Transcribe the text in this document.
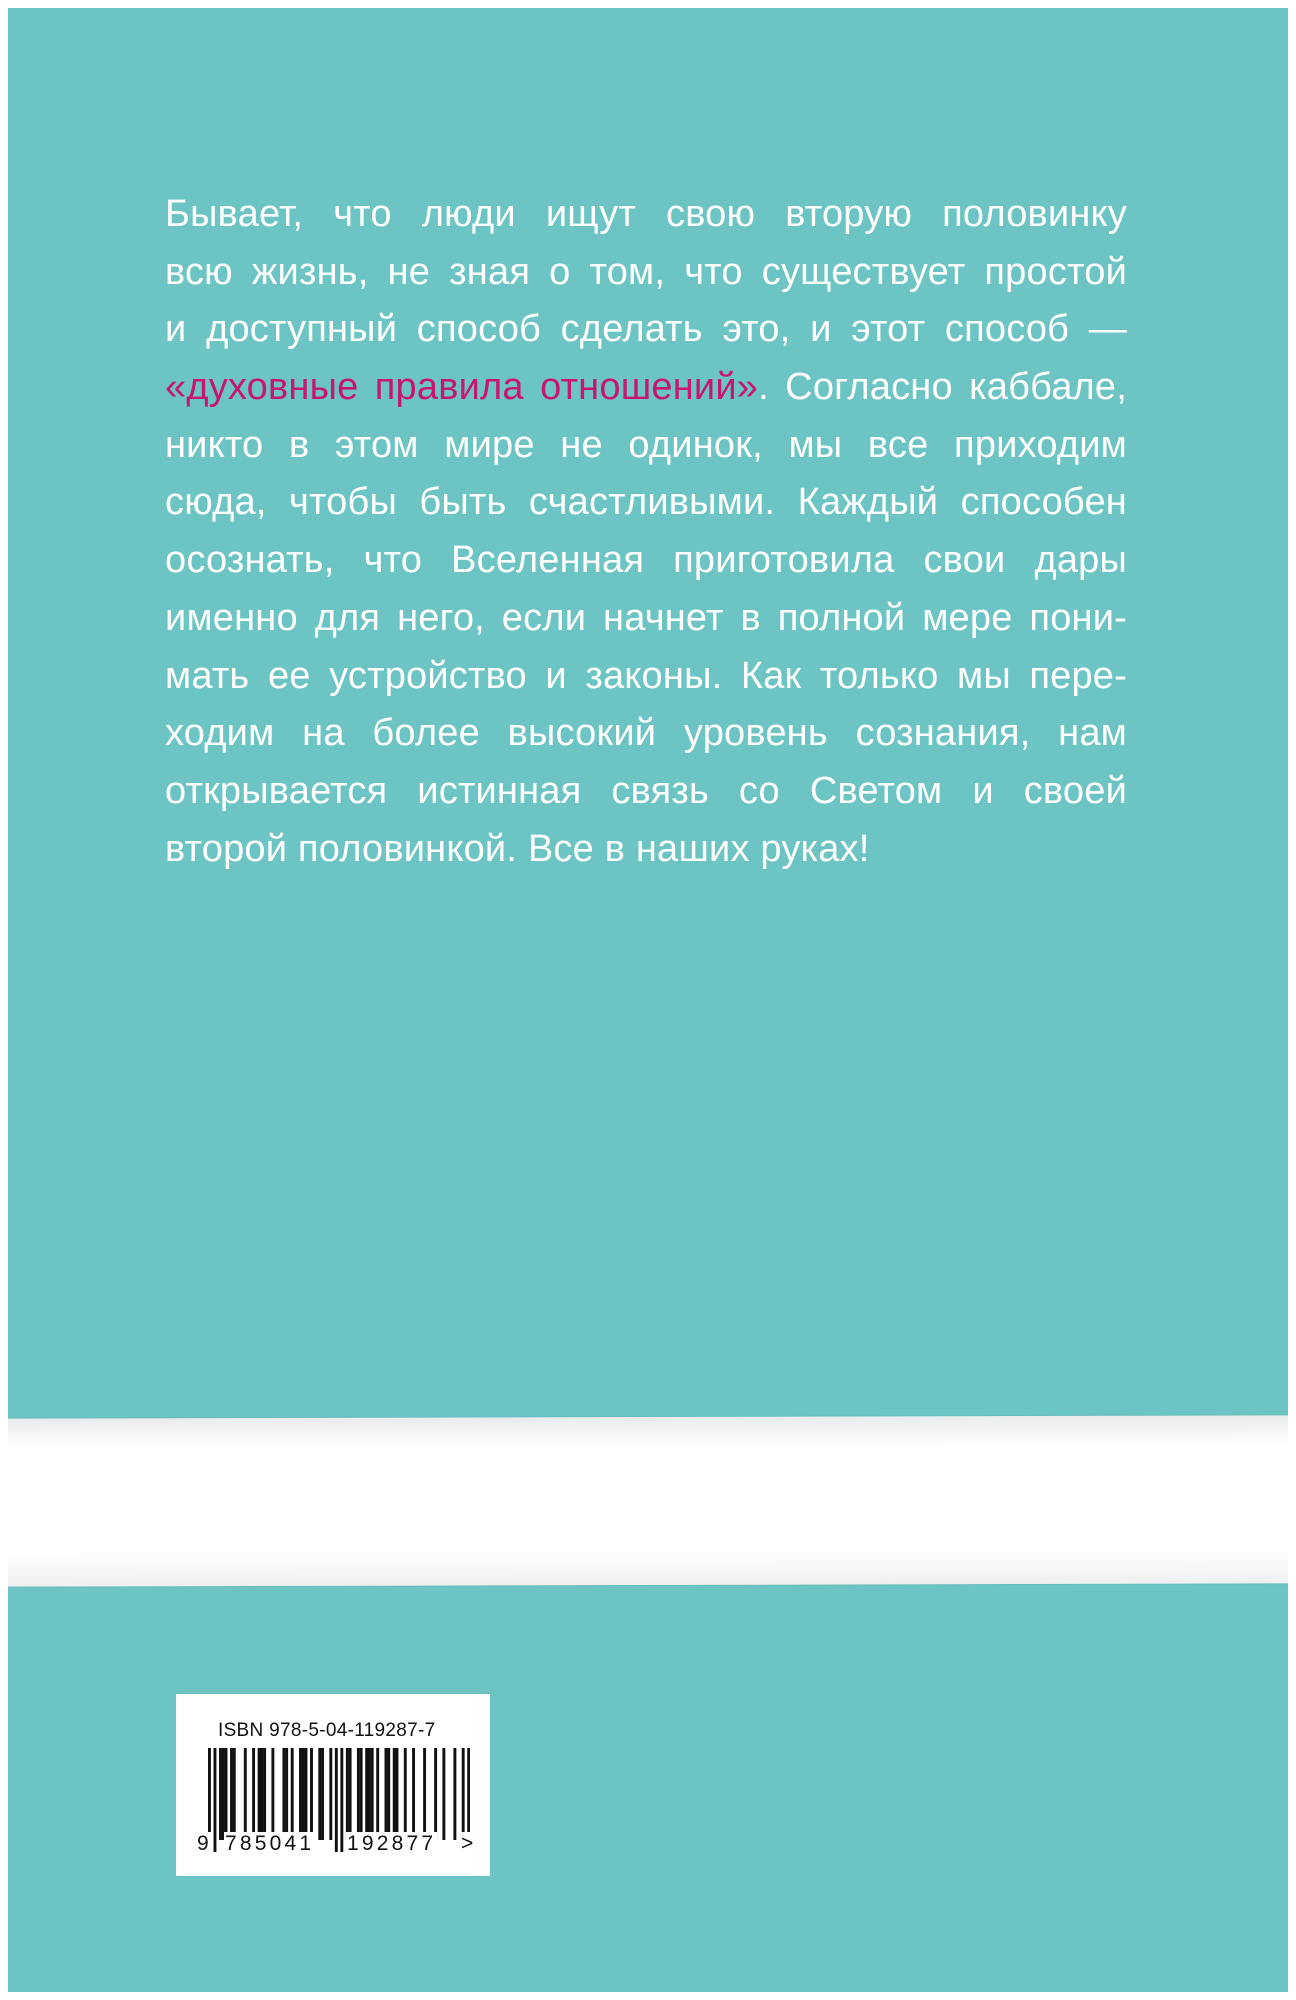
Бывает, что люди ищут свою вторую половинку
всю жизнь, не зная о том, что существует простой
и доступный способ сделать это, и этот способ —
«духовные правила отношений». Согласно каббале,
никто в этом мире не одинок, мы все приходим
сюда, чтобы быть счастливыми. Каждый способен
осознать, что Вселенная приготовила свои дары
именно для него, если начнет в полной мере пони-
мать ее устройство и законы. Как только мы пере-
ходим на более высокий уровень сознания, нам
открывается истинная связь со Светом и своей
второй половинкой. Все в наших руках!
ISBN 978-5-04-119287-7
9 785041 192877 >
